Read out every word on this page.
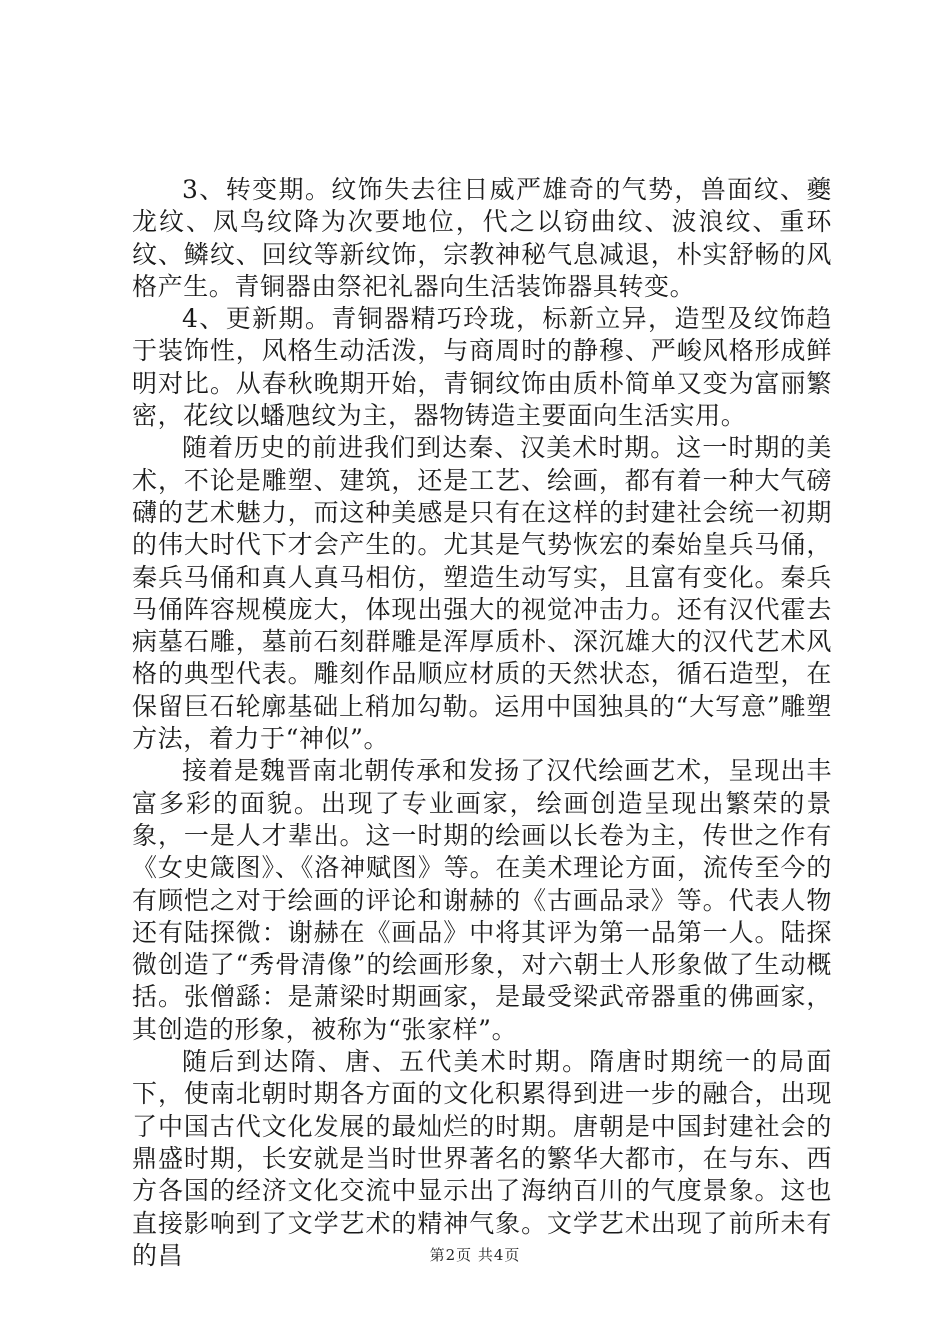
3、转变期。纹饰失去往日威严雄奇的气势，兽面纹、夔龙纹、凤鸟纹降为次要地位，代之以窃曲纹、波浪纹、重环纹、鳞纹、回纹等新纹饰，宗教神秘气息减退，朴实舒畅的风格产生。青铜器由祭祀礼器向生活装饰器具转变。

4、更新期。青铜器精巧玲珑，标新立异，造型及纹饰趋于装饰性，风格生动活泼，与商周时的静穆、严峻风格形成鲜明对比。从春秋晚期开始，青铜纹饰由质朴简单又变为富丽繁密，花纹以蟠虺纹为主，器物铸造主要面向生活实用。

随着历史的前进我们到达秦、汉美术时期。这一时期的美术，不论是雕塑、建筑，还是工艺、绘画，都有着一种大气磅礴的艺术魅力，而这种美感是只有在这样的封建社会统一初期的伟大时代下才会产生的。尤其是气势恢宏的秦始皇兵马俑，秦兵马俑和真人真马相仿，塑造生动写实，且富有变化。秦兵马俑阵容规模庞大，体现出强大的视觉冲击力。还有汉代霍去病墓石雕，墓前石刻群雕是浑厚质朴、深沉雄大的汉代艺术风格的典型代表。雕刻作品顺应材质的天然状态，循石造型，在保留巨石轮廓基础上稍加勾勒。运用中国独具的“大写意”雕塑方法，着力于“神似”。

接着是魏晋南北朝传承和发扬了汉代绘画艺术，呈现出丰富多彩的面貌。出现了专业画家，绘画创造呈现出繁荣的景象，一是人才辈出。这一时期的绘画以长卷为主，传世之作有《女史箴图》、《洛神赋图》等。在美术理论方面，流传至今的有顾恺之对于绘画的评论和谢赫的《古画品录》等。代表人物还有陆探微：谢赫在《画品》中将其评为第一品第一人。陆探微创造了“秀骨清像”的绘画形象，对六朝士人形象做了生动概括。张僧繇：是萧梁时期画家，是最受梁武帝器重的佛画家，其创造的形象，被称为“张家样”。

随后到达隋、唐、五代美术时期。隋唐时期统一的局面下，使南北朝时期各方面的文化积累得到进一步的融合，出现了中国古代文化发展的最灿烂的时期。唐朝是中国封建社会的鼎盛时期，长安就是当时世界著名的繁华大都市，在与东、西方各国的经济文化交流中显示出了海纳百川的气度景象。这也直接影响到了文学艺术的精神气象。文学艺术出现了前所未有的昌	第2页 共4页
